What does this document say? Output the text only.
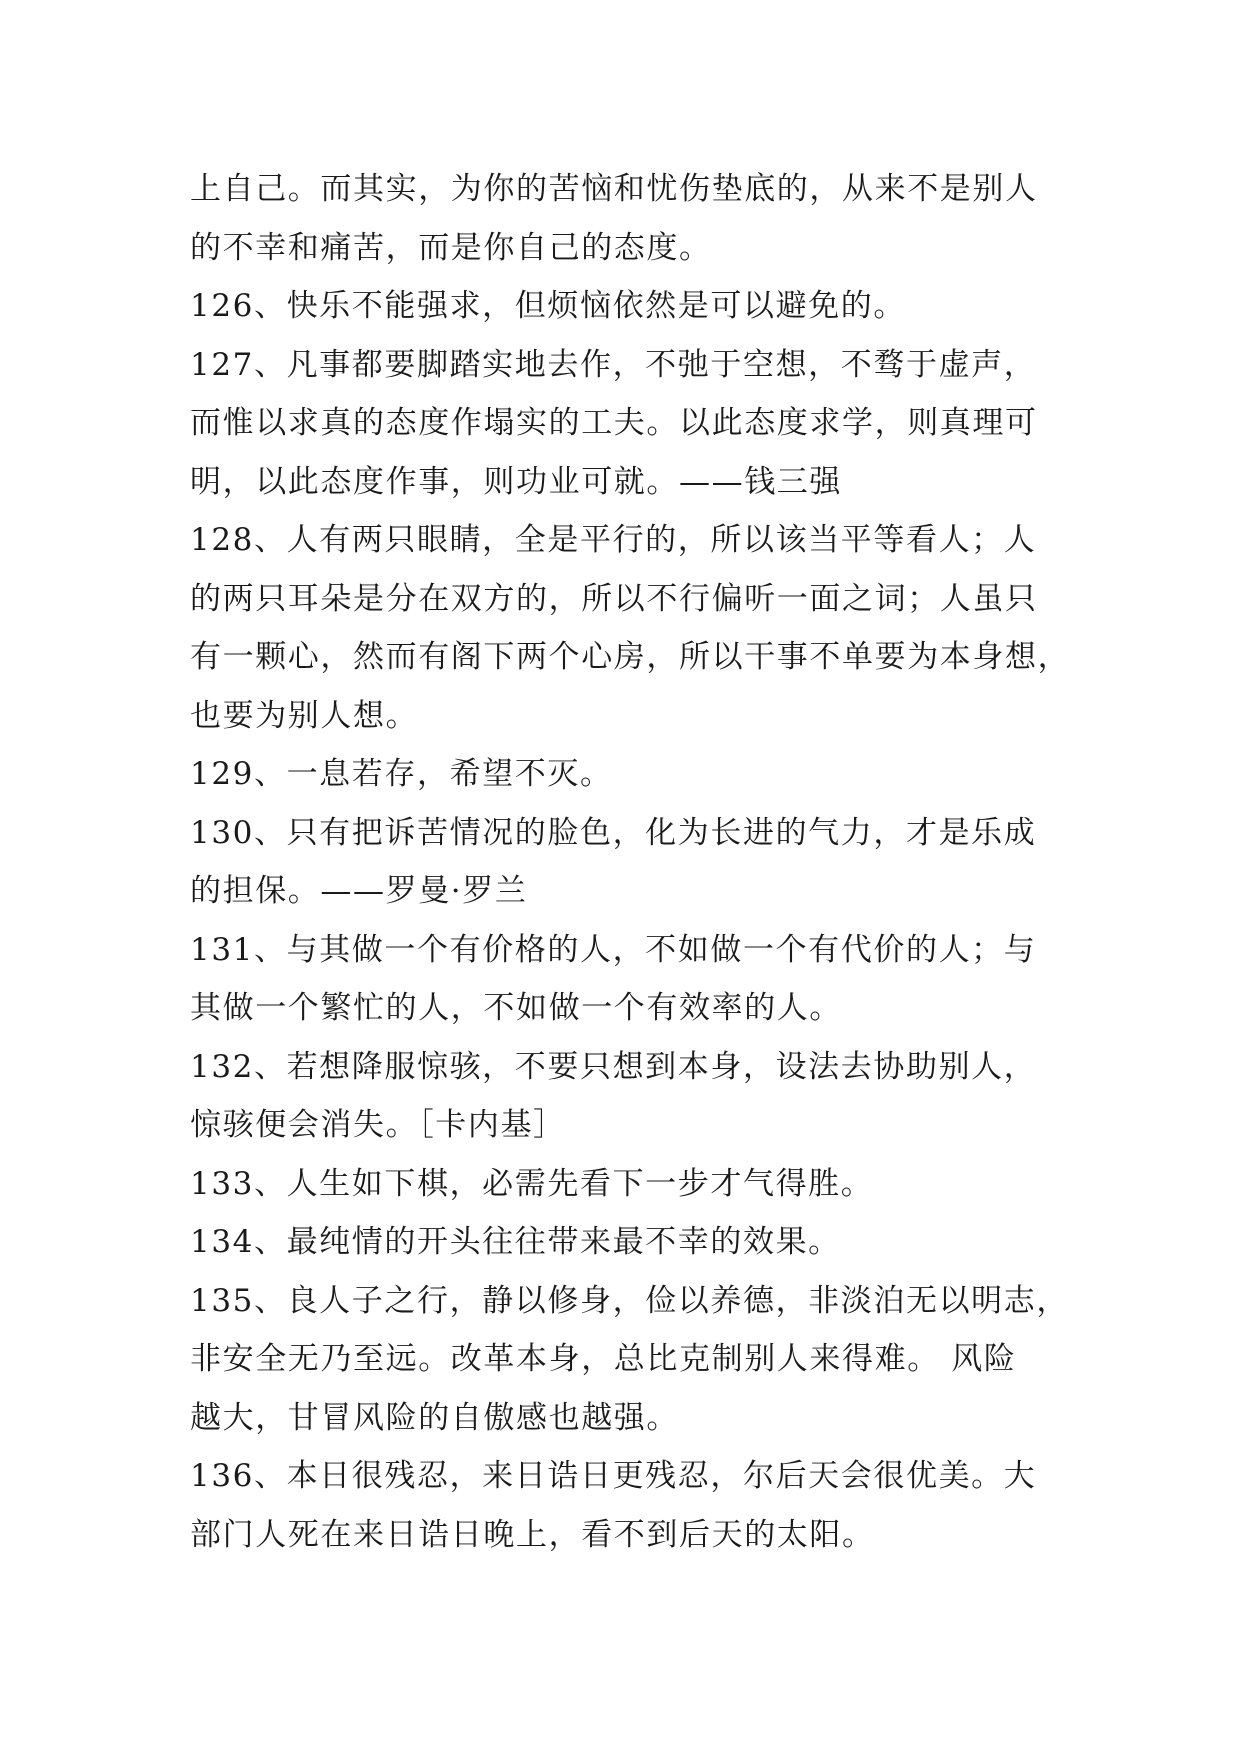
上自己。而其实，为你的苦恼和忧伤垫底的，从来不是别人
的不幸和痛苦，而是你自己的态度。
126、快乐不能强求，但烦恼依然是可以避免的。
127、凡事都要脚踏实地去作，不弛于空想，不骛于虚声，
而惟以求真的态度作塌实的工夫。以此态度求学，则真理可
明，以此态度作事，则功业可就。——钱三强
128、人有两只眼睛，全是平行的，所以该当平等看人；人
的两只耳朵是分在双方的，所以不行偏听一面之词；人虽只
有一颗心，然而有阁下两个心房，所以干事不单要为本身想，
也要为别人想。
129、一息若存，希望不灭。
130、只有把诉苦情况的脸色，化为长进的气力，才是乐成
的担保。——罗曼·罗兰
131、与其做一个有价格的人，不如做一个有代价的人；与
其做一个繁忙的人，不如做一个有效率的人。
132、若想降服惊骇，不要只想到本身，设法去协助别人，
惊骇便会消失。［卡内基］
133、人生如下棋，必需先看下一步才气得胜。
134、最纯情的开头往往带来最不幸的效果。
135、良人子之行，静以修身，俭以养德，非淡泊无以明志，
非安全无乃至远。改革本身，总比克制别人来得难。 风险
越大，甘冒风险的自傲感也越强。
136、本日很残忍，来日诰日更残忍，尔后天会很优美。大
部门人死在来日诰日晚上，看不到后天的太阳。
